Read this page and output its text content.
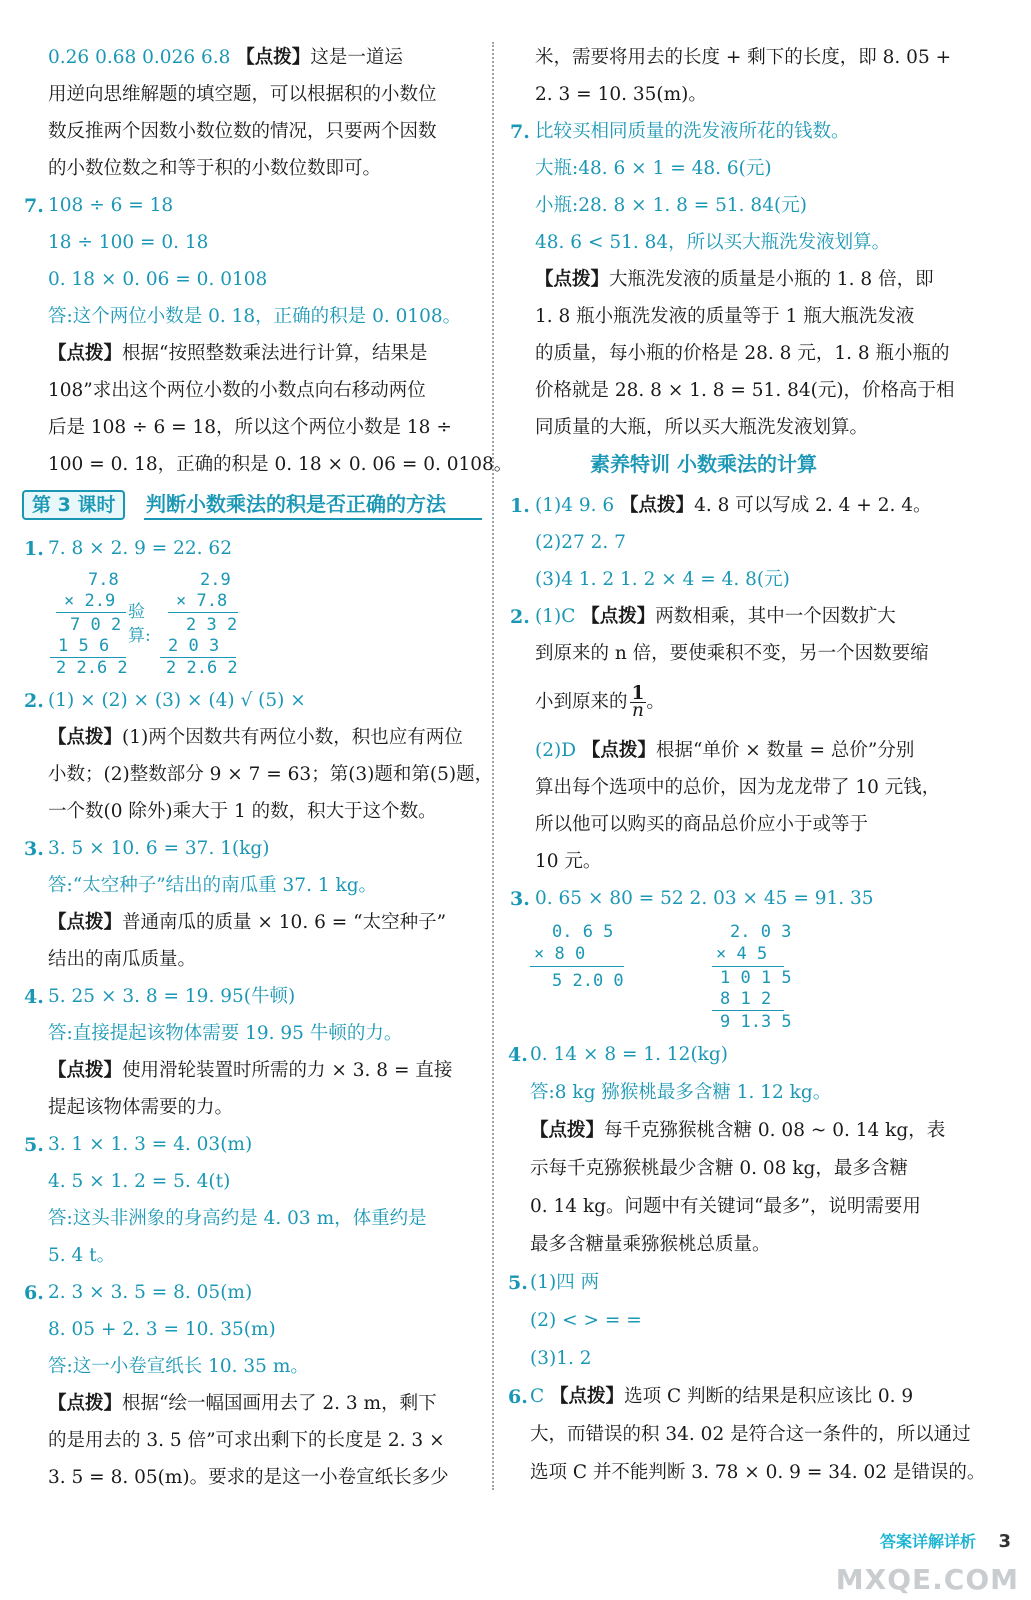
第 3 课时	判断小数乘法的积是否正确的方法
7.8
× 2.9
7 0 2
1 5 6
2 2.6 2
验算:
2.9
× 7.8
2 3 2
2 0 3
2 2.6 2
素养特训 小数乘法的计算
小到原来的 $\frac{1}{n}$ 。
0. 6 5
× 8 0
5 2.0 0
2. 0 3
× 4 5
1 0 1 5
8 1 2
9 1.3 5
答案详解详析 3
MXQE.COM
0.26 0.68 0.026 6.8 【点拨】这是一道运
用逆向思维解题的填空题，可以根据积的小数位
数反推两个因数小数位数的情况，只要两个因数
的小数位数之和等于积的小数位数即可。
7. 108 ÷ 6 = 18
18 ÷ 100 = 0. 18
0. 18 × 0. 06 = 0. 0108
答:这个两位小数是 0. 18，正确的积是 0. 0108。
【点拨】根据“按照整数乘法进行计算，结果是
108”求出这个两位小数的小数点向右移动两位
后是 108 ÷ 6 = 18，所以这个两位小数是 18 ÷
100 = 0. 18，正确的积是 0. 18 × 0. 06 = 0. 0108。
1. 7. 8 × 2. 9 = 22. 62
2. (1) × (2) × (3) × (4) √ (5) ×
【点拨】(1)两个因数共有两位小数，积也应有两位
小数；(2)整数部分 9 × 7 = 63；第(3)题和第(5)题，
一个数(0 除外)乘大于 1 的数，积大于这个数。
3. 3. 5 × 10. 6 = 37. 1(kg)
答:“太空种子”结出的南瓜重 37. 1 kg。
【点拨】普通南瓜的质量 × 10. 6 = “太空种子”
结出的南瓜质量。
4. 5. 25 × 3. 8 = 19. 95(牛顿)
答:直接提起该物体需要 19. 95 牛顿的力。
【点拨】使用滑轮装置时所需的力 × 3. 8 = 直接
提起该物体需要的力。
5. 3. 1 × 1. 3 = 4. 03(m)
4. 5 × 1. 2 = 5. 4(t)
答:这头非洲象的身高约是 4. 03 m，体重约是
5. 4 t。
6. 2. 3 × 3. 5 = 8. 05(m)
8. 05 + 2. 3 = 10. 35(m)
答:这一小卷宣纸长 10. 35 m。
【点拨】根据“绘一幅国画用去了 2. 3 m，剩下
的是用去的 3. 5 倍”可求出剩下的长度是 2. 3 ×
3. 5 = 8. 05(m)。要求的是这一小卷宣纸长多少
米，需要将用去的长度 + 剩下的长度，即 8. 05 +
2. 3 = 10. 35(m)。
7. 比较买相同质量的洗发液所花的钱数。
大瓶:48. 6 × 1 = 48. 6(元)
小瓶:28. 8 × 1. 8 = 51. 84(元)
48. 6 < 51. 84，所以买大瓶洗发液划算。
【点拨】大瓶洗发液的质量是小瓶的 1. 8 倍，即
1. 8 瓶小瓶洗发液的质量等于 1 瓶大瓶洗发液
的质量，每小瓶的价格是 28. 8 元，1. 8 瓶小瓶的
价格就是 28. 8 × 1. 8 = 51. 84(元)，价格高于相
同质量的大瓶，所以买大瓶洗发液划算。
1. (1)4 9. 6 【点拨】4. 8 可以写成 2. 4 + 2. 4。
(2)27 2. 7
(3)4 1. 2 1. 2 × 4 = 4. 8(元)
2. (1)C 【点拨】两数相乘，其中一个因数扩大
到原来的 n 倍，要使乘积不变，另一个因数要缩
(2)D 【点拨】根据“单价 × 数量 = 总价”分别
算出每个选项中的总价，因为龙龙带了 10 元钱，
所以他可以购买的商品总价应小于或等于
10 元。
3. 0. 65 × 80 = 52 2. 03 × 45 = 91. 35
4. 0. 14 × 8 = 1. 12(kg)
答:8 kg 猕猴桃最多含糖 1. 12 kg。
【点拨】每千克猕猴桃含糖 0. 08 ~ 0. 14 kg，表
示每千克猕猴桃最少含糖 0. 08 kg，最多含糖
0. 14 kg。问题中有关键词“最多”，说明需要用
最多含糖量乘猕猴桃总质量。
5. (1)四 两
(2) < > = =
(3)1. 2
6. C 【点拨】选项 C 判断的结果是积应该比 0. 9
大，而错误的积 34. 02 是符合这一条件的，所以通过
选项 C 并不能判断 3. 78 × 0. 9 = 34. 02 是错误的。
